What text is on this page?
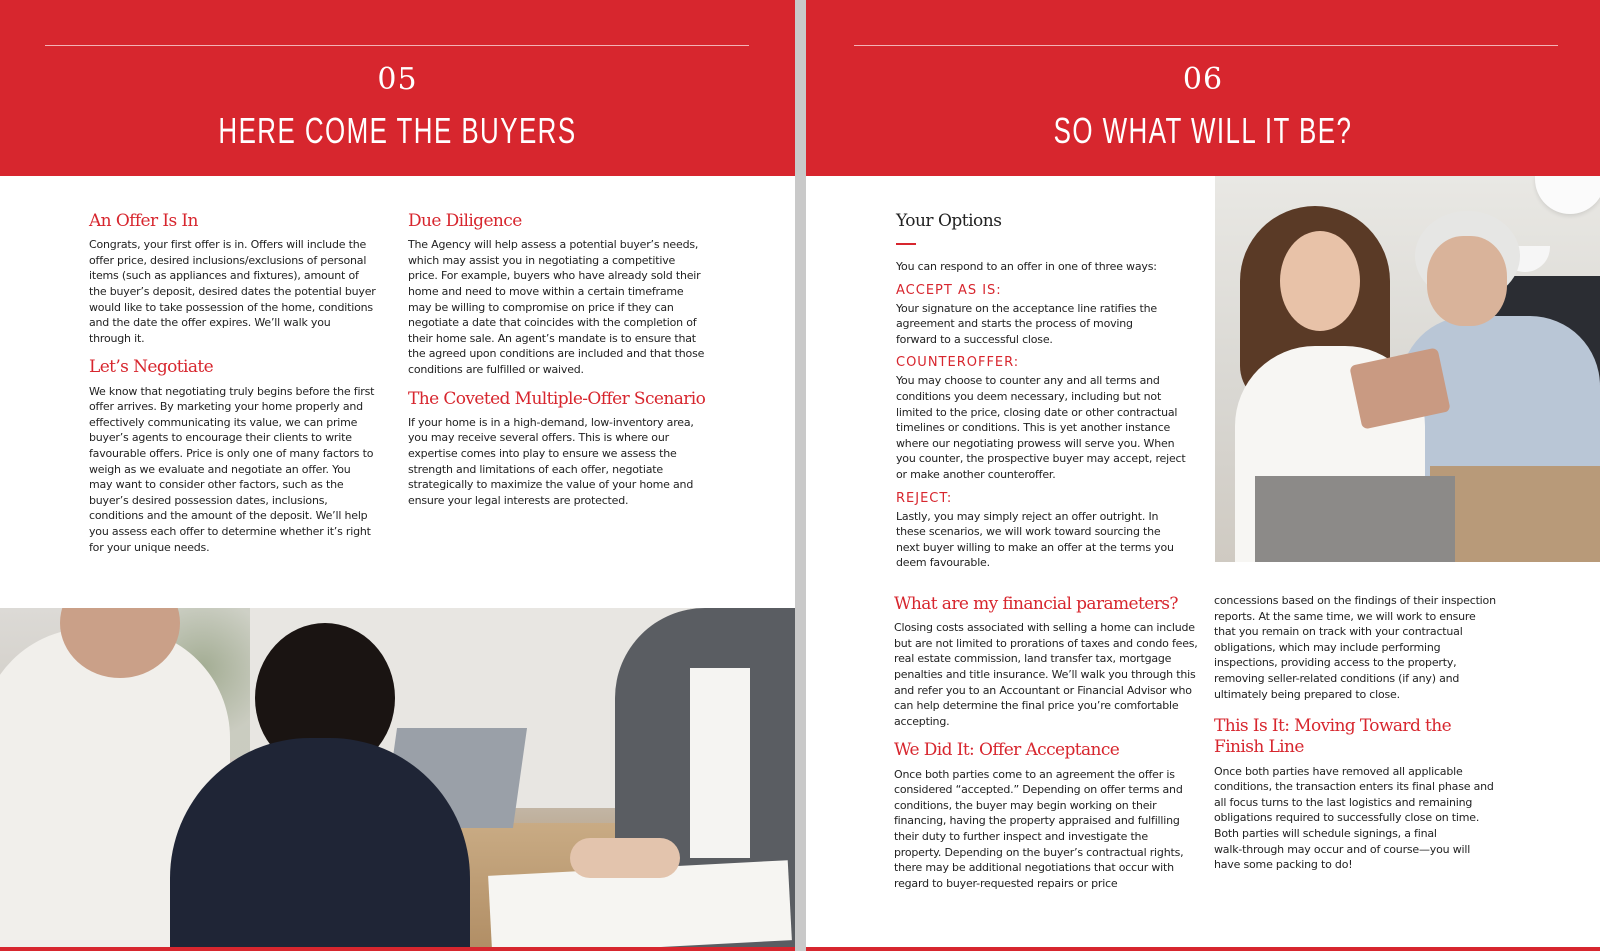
05
HERE COME THE BUYERS
An Offer Is In
Congrats, your first offer is in. Offers will include the
offer price, desired inclusions/exclusions of personal
items (such as appliances and fixtures), amount of
the buyer’s deposit, desired dates the potential buyer
would like to take possession of the home, conditions
and the date the offer expires. We’ll walk you
through it.
Let’s Negotiate
We know that negotiating truly begins before the first
offer arrives. By marketing your home properly and
effectively communicating its value, we can prime
buyer’s agents to encourage their clients to write
favourable offers. Price is only one of many factors to
weigh as we evaluate and negotiate an offer. You
may want to consider other factors, such as the
buyer’s desired possession dates, inclusions,
conditions and the amount of the deposit. We’ll help
you assess each offer to determine whether it’s right
for your unique needs.
Due Diligence
The Agency will help assess a potential buyer’s needs,
which may assist you in negotiating a competitive
price. For example, buyers who have already sold their
home and need to move within a certain timeframe
may be willing to compromise on price if they can
negotiate a date that coincides with the completion of
their home sale. An agent’s mandate is to ensure that
the agreed upon conditions are included and that those
conditions are fulfilled or waived.
The Coveted Multiple-Offer Scenario
If your home is in a high-demand, low-inventory area,
you may receive several offers. This is where our
expertise comes into play to ensure we assess the
strength and limitations of each offer, negotiate
strategically to maximize the value of your home and
ensure your legal interests are protected.
06
SO WHAT WILL IT BE?
Your Options
You can respond to an offer in one of three ways:
ACCEPT AS IS:
Your signature on the acceptance line ratifies the
agreement and starts the process of moving
forward to a successful close.
COUNTEROFFER:
You may choose to counter any and all terms and
conditions you deem necessary, including but not
limited to the price, closing date or other contractual
timelines or conditions. This is yet another instance
where our negotiating prowess will serve you. When
you counter, the prospective buyer may accept, reject
or make another counteroffer.
REJECT:
Lastly, you may simply reject an offer outright. In
these scenarios, we will work toward sourcing the
next buyer willing to make an offer at the terms you
deem favourable.
What are my financial parameters?
Closing costs associated with selling a home can include
but are not limited to prorations of taxes and condo fees,
real estate commission, land transfer tax, mortgage
penalties and title insurance. We’ll walk you through this
and refer you to an Accountant or Financial Advisor who
can help determine the final price you’re comfortable
accepting.
We Did It: Offer Acceptance
Once both parties come to an agreement the offer is
considered “accepted.” Depending on offer terms and
conditions, the buyer may begin working on their
financing, having the property appraised and fulfilling
their duty to further inspect and investigate the
property. Depending on the buyer’s contractual rights,
there may be additional negotiations that occur with
regard to buyer-requested repairs or price
concessions based on the findings of their inspection
reports. At the same time, we will work to ensure
that you remain on track with your contractual
obligations, which may include performing
inspections, providing access to the property,
removing seller-related conditions (if any) and
ultimately being prepared to close.
This Is It: Moving Toward the
Finish Line
Once both parties have removed all applicable
conditions, the transaction enters its final phase and
all focus turns to the last logistics and remaining
obligations required to successfully close on time.
Both parties will schedule signings, a final
walk-through may occur and of course—you will
have some packing to do!
